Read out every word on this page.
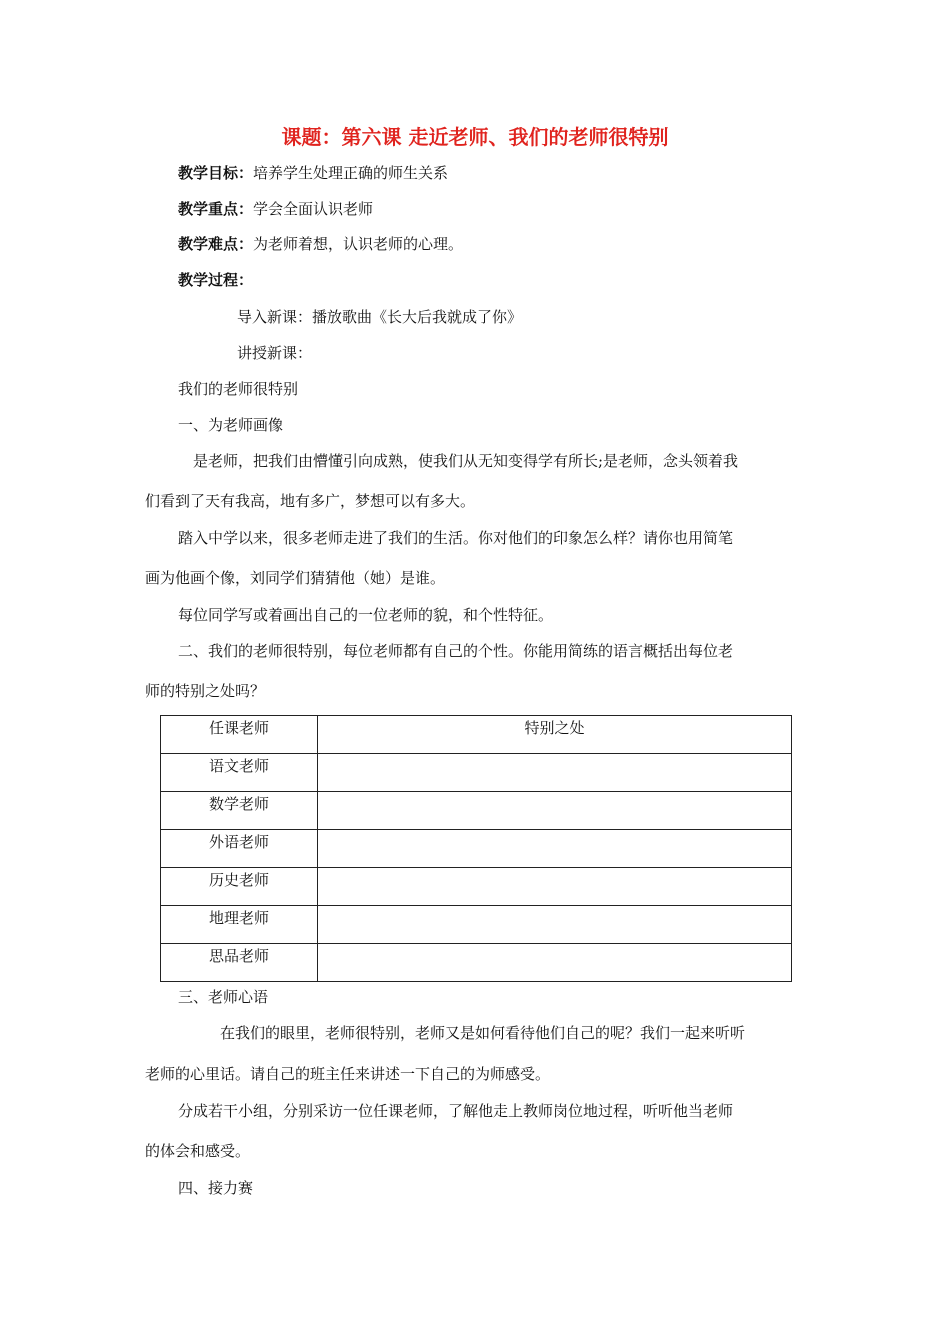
课题：第六课 走近老师、我们的老师很特别
教学目标：培养学生处理正确的师生关系
教学重点：学会全面认识老师
教学难点：为老师着想，认识老师的心理。
教学过程：
导入新课：播放歌曲《长大后我就成了你》
讲授新课：
我们的老师很特别
一、为老师画像
是老师，把我们由懵懂引向成熟，使我们从无知变得学有所长;是老师，念头领着我
们看到了天有我高，地有多广，梦想可以有多大。
踏入中学以来，很多老师走进了我们的生活。你对他们的印象怎么样？请你也用简笔
画为他画个像，刘同学们猜猜他（她）是谁。
每位同学写或着画出自己的一位老师的貌，和个性特征。
二、我们的老师很特别，每位老师都有自己的个性。你能用简练的语言概括出每位老
师的特别之处吗？
任课老师	特别之处
语文老师	
数学老师	
外语老师	
历史老师	
地理老师	
思品老师	
三、老师心语
在我们的眼里，老师很特别，老师又是如何看待他们自己的呢？我们一起来听听
老师的心里话。请自己的班主任来讲述一下自己的为师感受。
分成若干小组，分别采访一位任课老师，了解他走上教师岗位地过程，听听他当老师
的体会和感受。
四、接力赛
